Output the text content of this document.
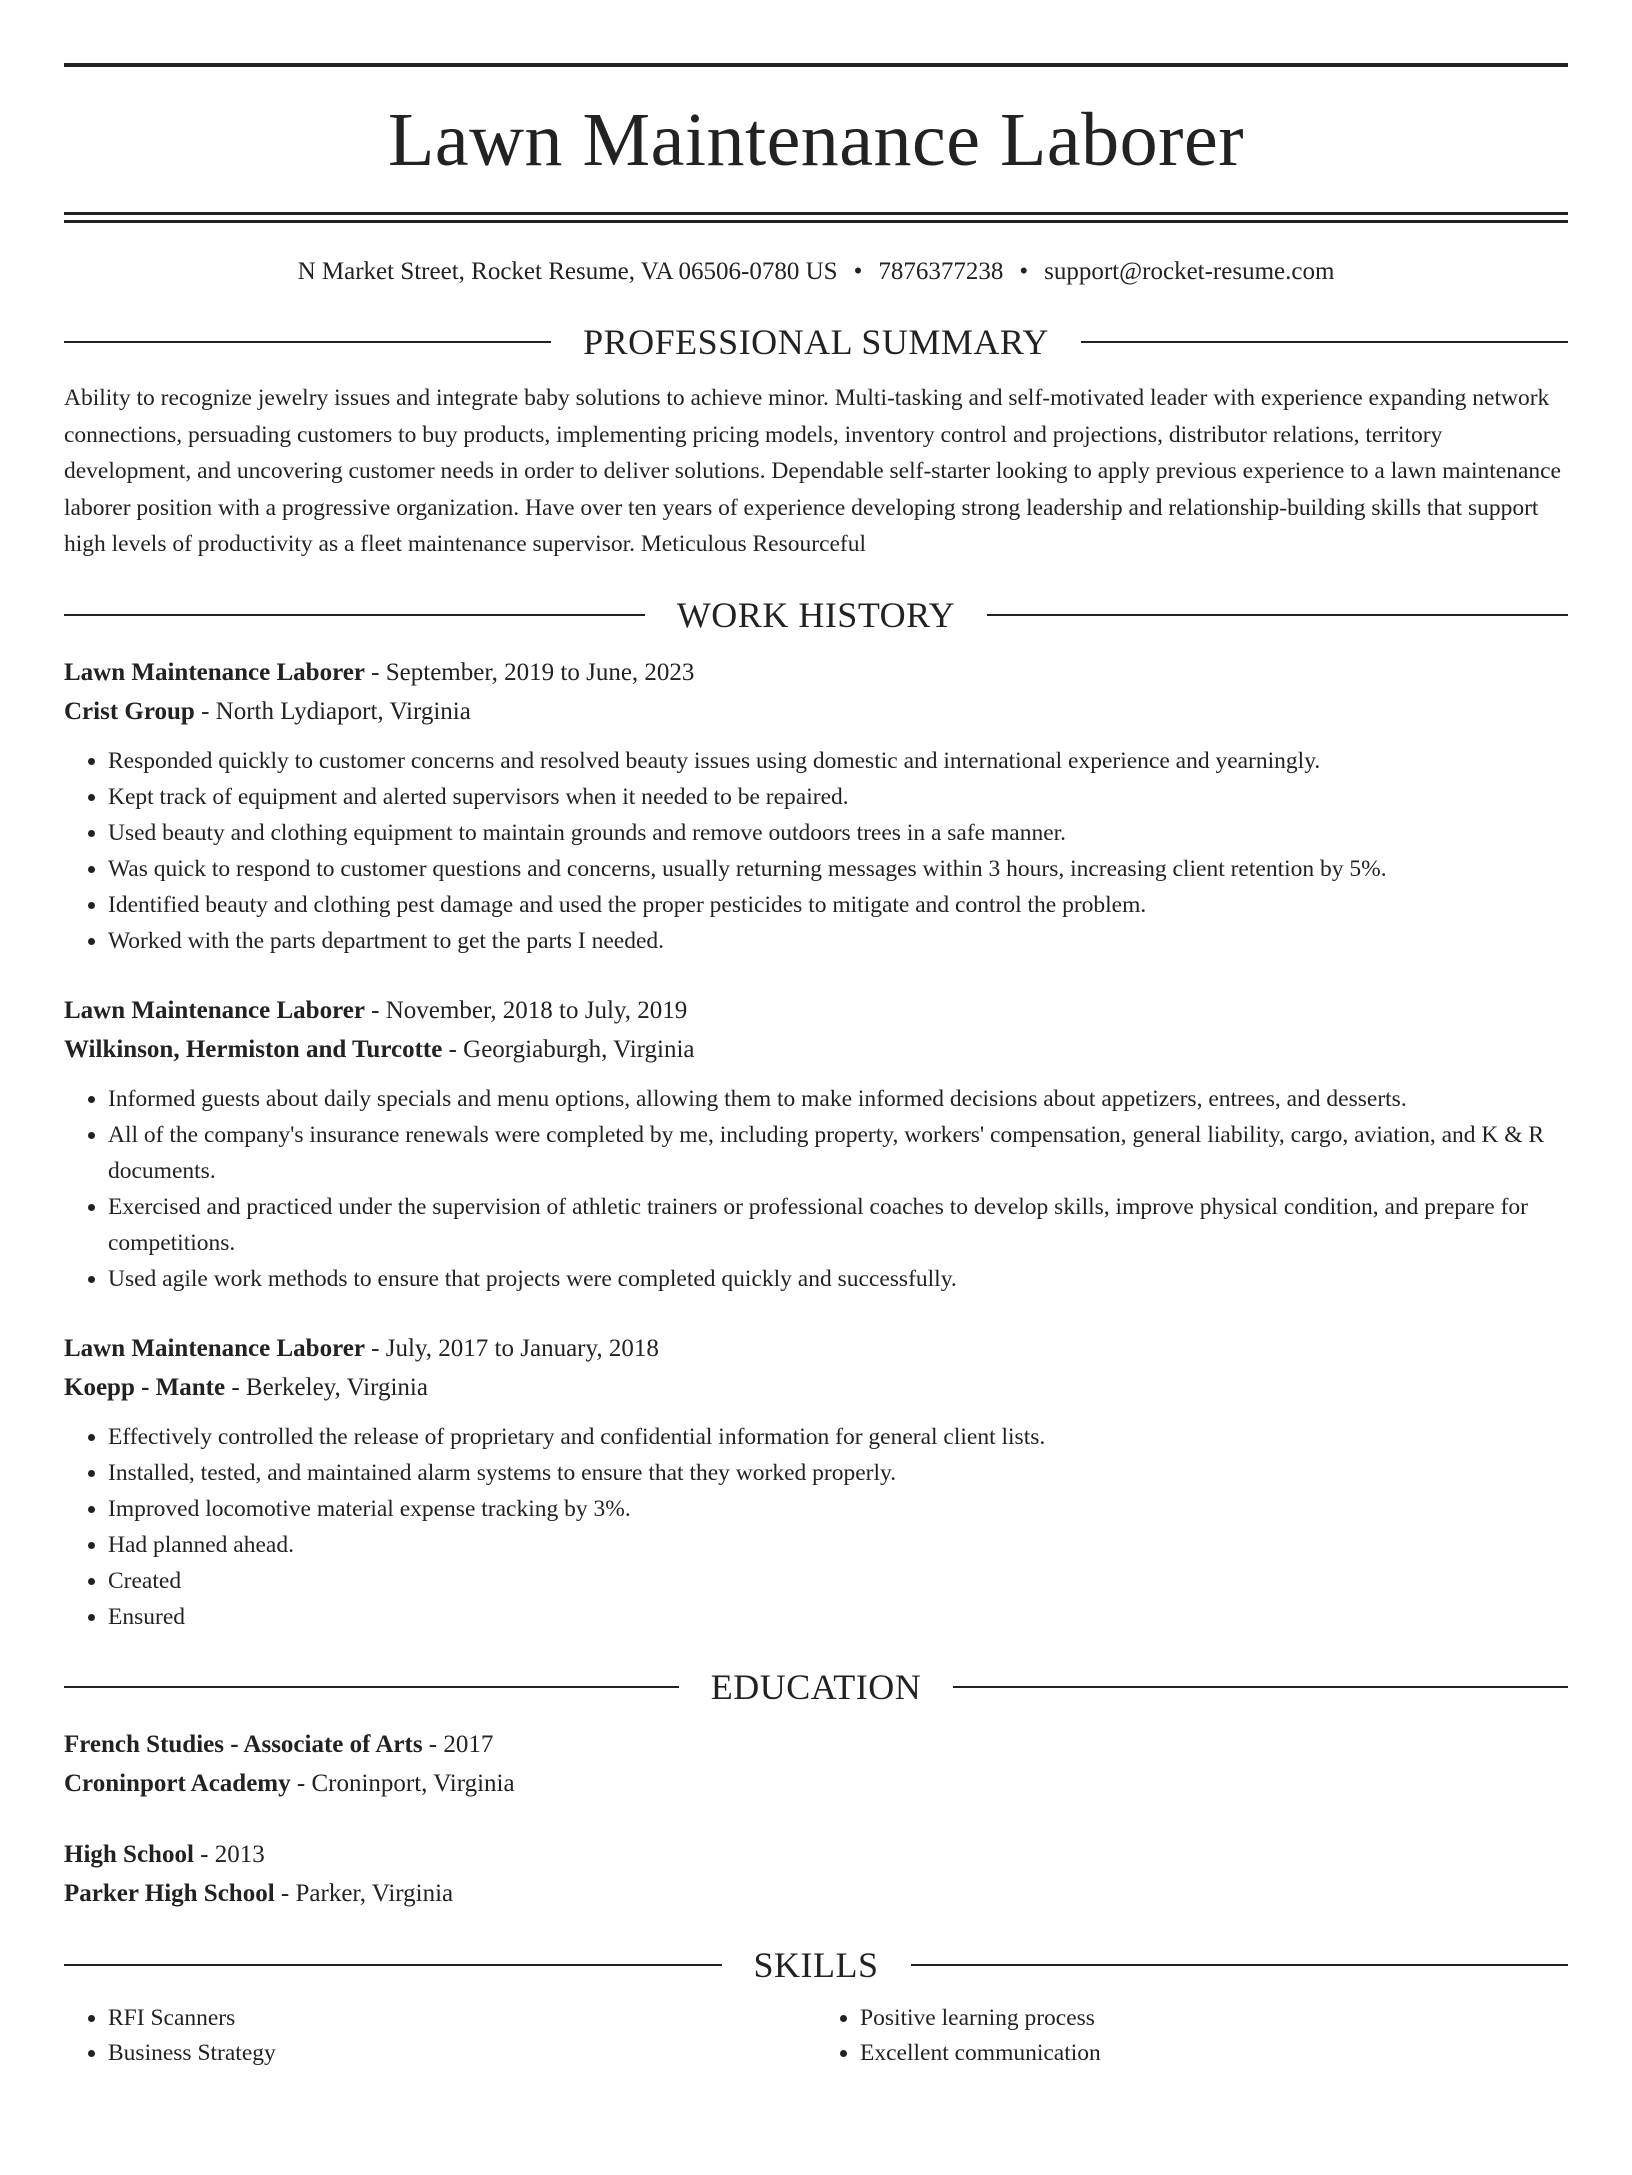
Lawn Maintenance Laborer
N Market Street, Rocket Resume, VA 06506-0780 US • 7876377238 • support@rocket-resume.com
PROFESSIONAL SUMMARY
Ability to recognize jewelry issues and integrate baby solutions to achieve minor. Multi-tasking and self-motivated leader with experience expanding network connections, persuading customers to buy products, implementing pricing models, inventory control and projections, distributor relations, territory development, and uncovering customer needs in order to deliver solutions. Dependable self-starter looking to apply previous experience to a lawn maintenance laborer position with a progressive organization. Have over ten years of experience developing strong leadership and relationship-building skills that support high levels of productivity as a fleet maintenance supervisor. Meticulous Resourceful
WORK HISTORY
Lawn Maintenance Laborer - September, 2019 to June, 2023
Crist Group - North Lydiaport, Virginia
• Responded quickly to customer concerns and resolved beauty issues using domestic and international experience and yearningly.
• Kept track of equipment and alerted supervisors when it needed to be repaired.
• Used beauty and clothing equipment to maintain grounds and remove outdoors trees in a safe manner.
• Was quick to respond to customer questions and concerns, usually returning messages within 3 hours, increasing client retention by 5%.
• Identified beauty and clothing pest damage and used the proper pesticides to mitigate and control the problem.
• Worked with the parts department to get the parts I needed.
Lawn Maintenance Laborer - November, 2018 to July, 2019
Wilkinson, Hermiston and Turcotte - Georgiaburgh, Virginia
• Informed guests about daily specials and menu options, allowing them to make informed decisions about appetizers, entrees, and desserts.
• All of the company's insurance renewals were completed by me, including property, workers' compensation, general liability, cargo, aviation, and K & R documents.
• Exercised and practiced under the supervision of athletic trainers or professional coaches to develop skills, improve physical condition, and prepare for competitions.
• Used agile work methods to ensure that projects were completed quickly and successfully.
Lawn Maintenance Laborer - July, 2017 to January, 2018
Koepp - Mante - Berkeley, Virginia
• Effectively controlled the release of proprietary and confidential information for general client lists.
• Installed, tested, and maintained alarm systems to ensure that they worked properly.
• Improved locomotive material expense tracking by 3%.
• Had planned ahead.
• Created
• Ensured
EDUCATION
French Studies - Associate of Arts - 2017
Croninport Academy - Croninport, Virginia
High School - 2013
Parker High School - Parker, Virginia
SKILLS
• RFI Scanners
• Business Strategy
• Positive learning process
• Excellent communication
